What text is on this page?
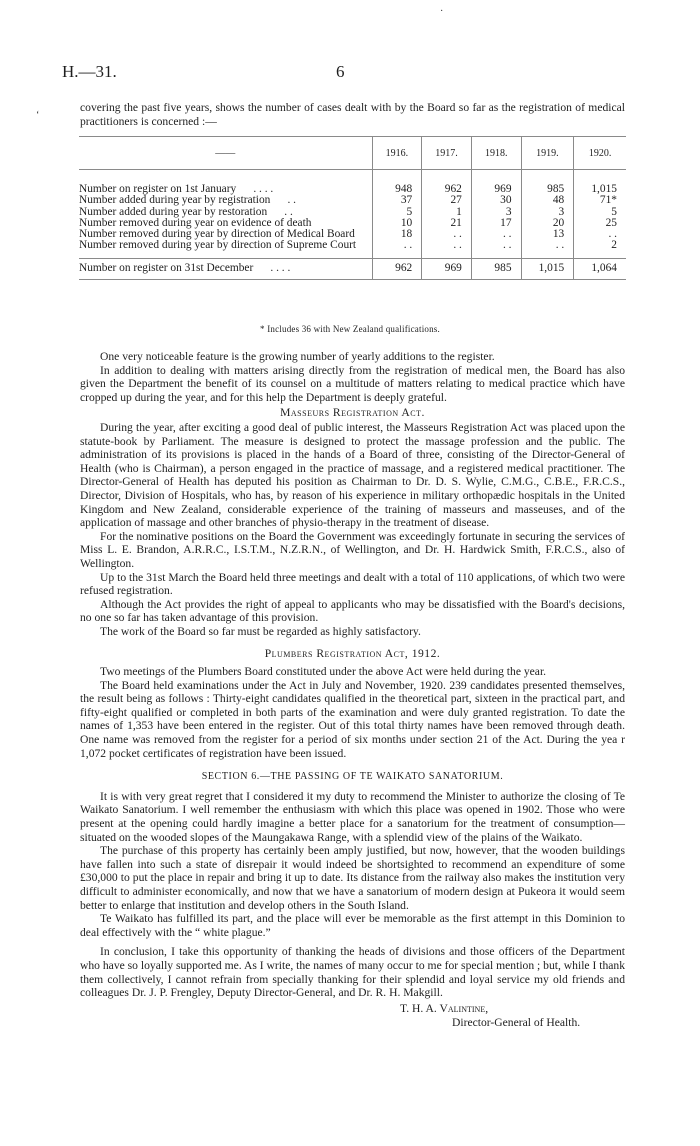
H.—31.	6

covering the past five years, shows the number of cases dealt with by the Board so far as the registration of medical practitioners is concerned :—

——	1916.	1917.	1918.	1919.	1920.

Number on register on 1st January . . . .	948	962	969	985	1,015
Number added during year by registration . .	37	27	30	48	71*
Number added during year by restoration . .	5	1	3	3	5
Number removed during year on evidence of death	10	21	17	20	25
Number removed during year by direction of Medical Board	18	. .	. .	13	. .
Number removed during year by direction of Supreme Court	. .	. .	. .	. .	2

Number on register on 31st December . . . .	962	969	985	1,015	1,064
* Includes 36 with New Zealand qualifications.

One very noticeable feature is the growing number of yearly additions to the register.

In addition to dealing with matters arising directly from the registration of medical men, the Board has also given the Department the benefit of its counsel on a multitude of matters relating to medical practice which have cropped up during the year, and for this help the Department is deeply grateful.

Masseurs Registration Act.

During the year, after exciting a good deal of public interest, the Masseurs Registration Act was placed upon the statute-book by Parliament. The measure is designed to protect the massage profession and the public. The administration of its provisions is placed in the hands of a Board of three, consisting of the Director-General of Health (who is Chairman), a person engaged in the practice of massage, and a registered medical practitioner. The Director-General of Health has deputed his position as Chairman to Dr. D. S. Wylie, C.M.G., C.B.E., F.R.C.S., Director, Division of Hospitals, who has, by reason of his experience in military orthopædic hospitals in the United Kingdom and New Zealand, considerable experience of the training of masseurs and masseuses, and of the application of massage and other branches of physio-therapy in the treatment of disease.

For the nominative positions on the Board the Government was exceedingly fortunate in securing the services of Miss L. E. Brandon, A.R.R.C., I.S.T.M., N.Z.R.N., of Wellington, and Dr. H. Hardwick Smith, F.R.C.S., also of Wellington.

Up to the 31st March the Board held three meetings and dealt with a total of 110 applications, of which two were refused registration.

Although the Act provides the right of appeal to applicants who may be dissatisfied with the Board's decisions, no one so far has taken advantage of this provision.

The work of the Board so far must be regarded as highly satisfactory.

Plumbers Registration Act, 1912.

Two meetings of the Plumbers Board constituted under the above Act were held during the year.

The Board held examinations under the Act in July and November, 1920. 239 candidates presented themselves, the result being as follows : Thirty-eight candidates qualified in the theoretical part, sixteen in the practical part, and fifty-eight qualified or completed in both parts of the examination and were duly granted registration. To date the names of 1,353 have been entered in the register. Out of this total thirty names have been removed through death. One name was removed from the register for a period of six months under section 21 of the Act. During the yea r 1,072 pocket certificates of registration have been issued.

SECTION 6.—THE PASSING OF TE WAIKATO SANATORIUM.

It is with very great regret that I considered it my duty to recommend the Minister to authorize the closing of Te Waikato Sanatorium. I well remember the enthusiasm with which this place was opened in 1902. Those who were present at the opening could hardly imagine a better place for a sanatorium for the treatment of consumption—situated on the wooded slopes of the Maungakawa Range, with a splendid view of the plains of the Waikato.

The purchase of this property has certainly been amply justified, but now, however, that the wooden buildings have fallen into such a state of disrepair it would indeed be shortsighted to recommend an expenditure of some £30,000 to put the place in repair and bring it up to date. Its distance from the railway also makes the institution very difficult to administer economically, and now that we have a sanatorium of modern design at Pukeora it would seem better to enlarge that institution and develop others in the South Island.

Te Waikato has fulfilled its part, and the place will ever be memorable as the first attempt in this Dominion to deal effectively with the “ white plague.”

In conclusion, I take this opportunity of thanking the heads of divisions and those officers of the Department who have so loyally supported me. As I write, the names of many occur to me for special mention ; but, while I thank them collectively, I cannot refrain from specially thanking for their splendid and loyal service my old friends and colleagues Dr. J. P. Frengley, Deputy Director-General, and Dr. R. H. Makgill.

T. H. A. Valintine,
Director-General of Health.
·
‘
